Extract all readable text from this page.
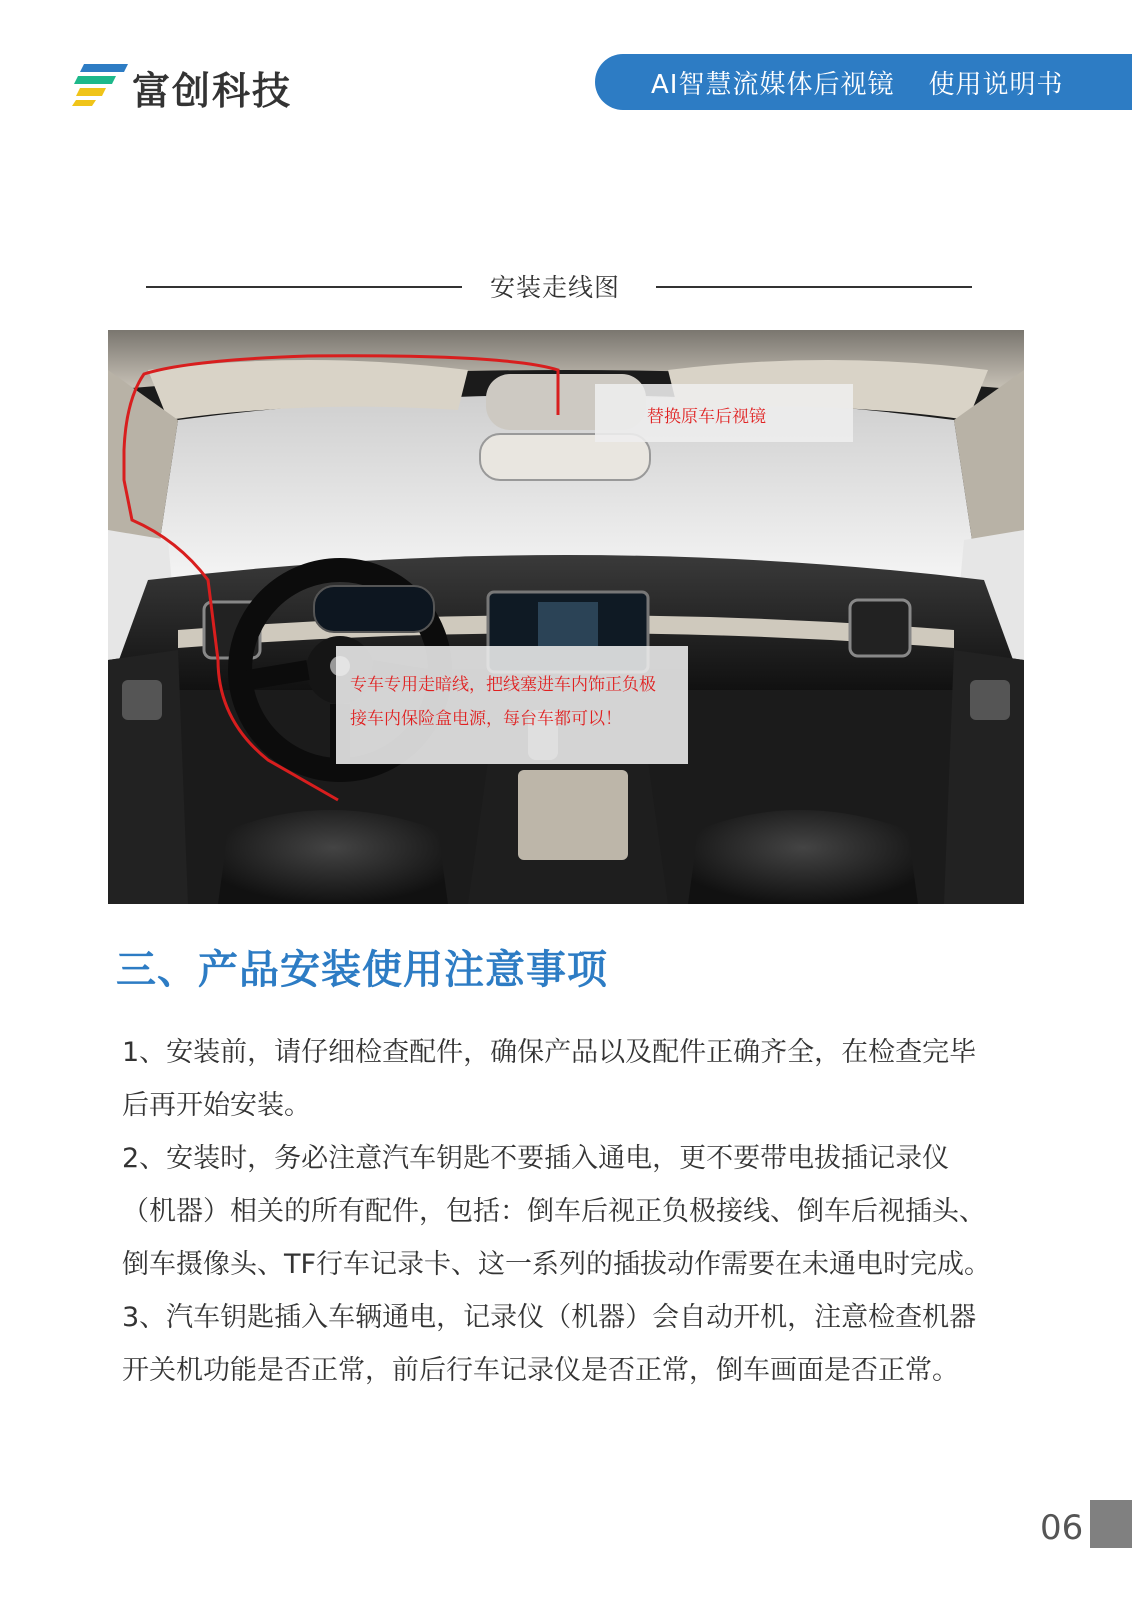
富创科技	AI智慧流媒体后视镜 使用说明书
安装走线图
替换原车后视镜
专车专用走暗线，把线塞进车内饰正负极
接车内保险盒电源，每台车都可以！
三、产品安装使用注意事项

1、安装前，请仔细检查配件，确保产品以及配件正确齐全，在检查完毕后再开始安装。

2、安装时，务必注意汽车钥匙不要插入通电，更不要带电拔插记录仪（机器）相关的所有配件，包括：倒车后视正负极接线、倒车后视插头、倒车摄像头、TF行车记录卡、这一系列的插拔动作需要在未通电时完成。

3、汽车钥匙插入车辆通电，记录仪（机器）会自动开机，注意检查机器开关机功能是否正常，前后行车记录仪是否正常，倒车画面是否正常。

06
